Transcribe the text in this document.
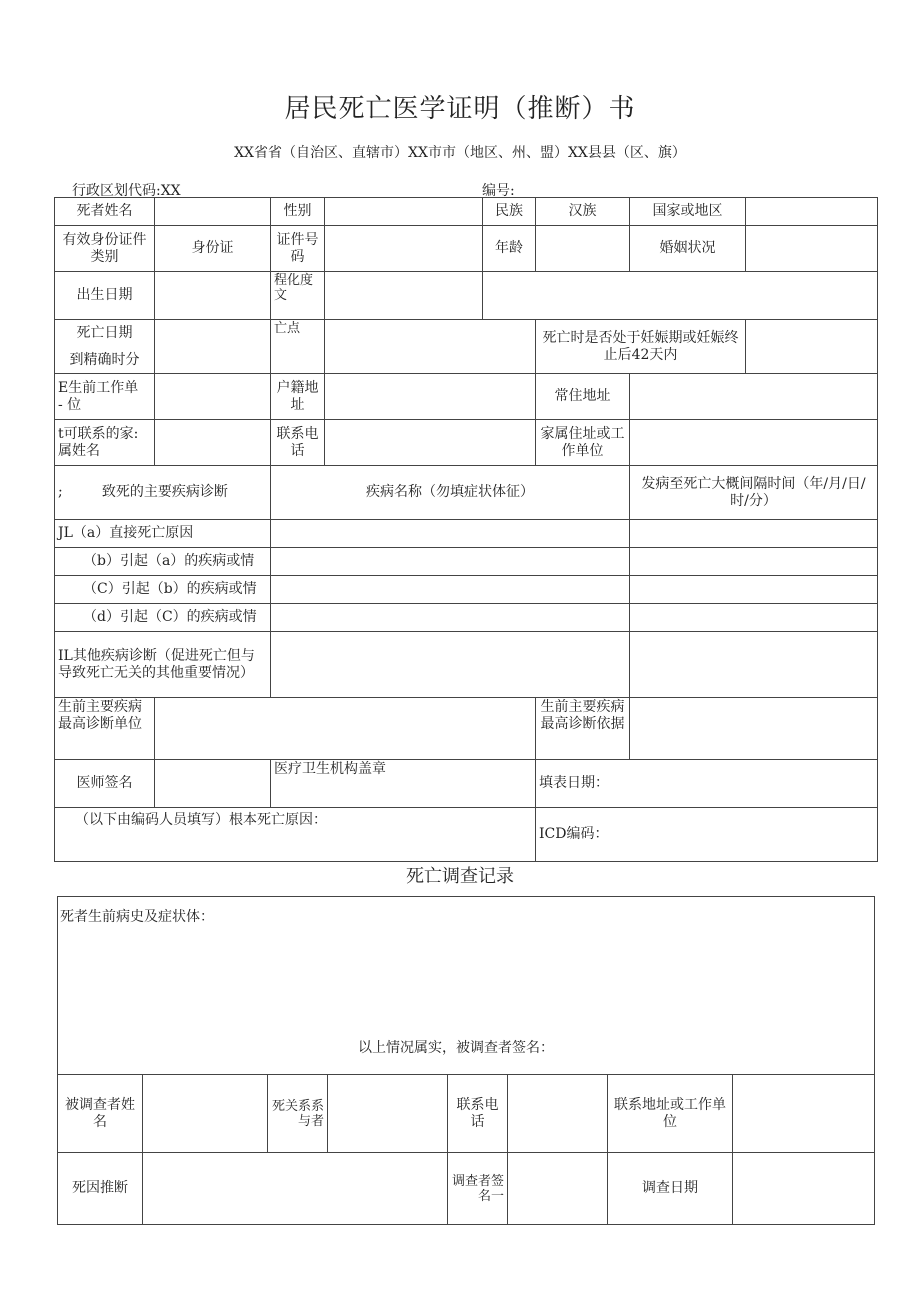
居民死亡医学证明（推断）书
XX省省（自治区、直辖市）XX市市（地区、州、盟）XX县县（区、旗）
行政区划代码:XX	编号:
死者姓名		性别		民族	汉族	国家或地区	
有效身份证件类别	身份证	证件号码		年龄		婚姻状况	
出生日期		程化度文					

死亡日期
到精确时分		亡点			死亡时是否处于妊娠期或妊娠终止后42天内		

E生前工作单
- 位		户籍地址			常住地址		
t可联系的家:属姓名		联系电话			家属住址或工作单位		

; 致死的主要疾病诊断		疾病名称（勿填症状体征）				发病至死亡大概间隔时间（年/月/日/时/分）	
JL（a）直接死亡原因							
（b）引起（a）的疾病或情							
（C）引起（b）的疾病或情							
（d）引起（C）的疾病或情							
IL其他疾病诊断（促进死亡但与导致死亡无关的其他重要情况）							
生前主要疾病最高诊断单位					生前主要疾病最高诊断依据		
医师签名		医疗卫生机构盖章			填表日期：		
（以下由编码人员填写）根本死亡原因：					ICD编码：		
死亡调查记录
死者生前病史及症状体：
以上情况属实，被调查者签名：
被调查者姓名		死关系系与者		联系电话		联系地址或工作单位	
死因推断				调查者签名一		调查日期	
